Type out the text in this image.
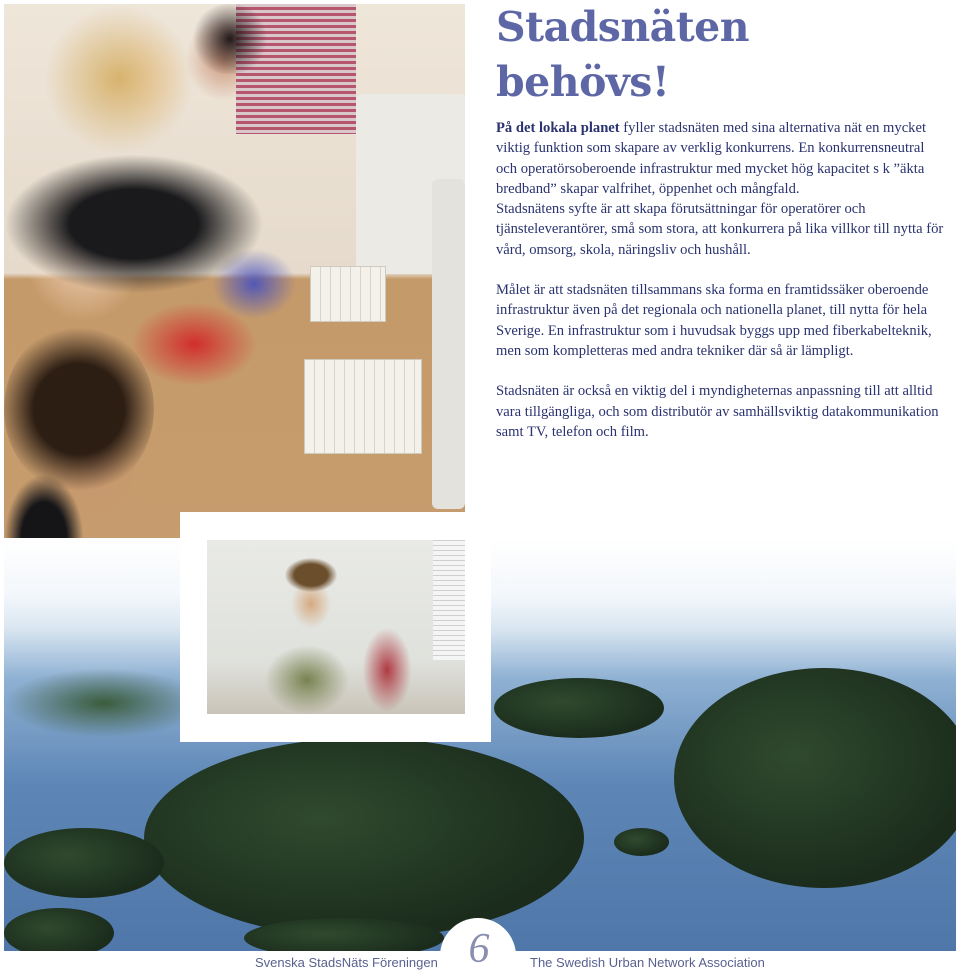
Stadsnäten
behövs!

På det lokala planet fyller stadsnäten med sina alternativa nät en mycket viktig funktion som skapare av verklig konkurrens. En konkurrensneutral och operatörsoberoende infrastruktur med mycket hög kapacitet s k ”äkta bredband” skapar valfrihet, öppenhet och mångfald.

Stadsnätens syfte är att skapa förutsättningar för operatörer och tjänsteleverantörer, små som stora, att konkurrera på lika villkor till nytta för vård, omsorg, skola, näringsliv och hushåll.

Målet är att stadsnäten tillsammans ska forma en framtidssäker oberoende infrastruktur även på det regionala och nationella planet, till nytta för hela Sverige. En infrastruktur som i huvudsak byggs upp med fiberkabelteknik, men som kompletteras med andra tekniker där så är lämpligt.

Stadsnäten är också en viktig del i myndigheternas anpassning till att alltid vara tillgängliga, och som distributör av samhällsviktig datakommunikation samt TV, telefon och film.

6
Svenska StadsNäts Föreningen	The Swedish Urban Network Association
